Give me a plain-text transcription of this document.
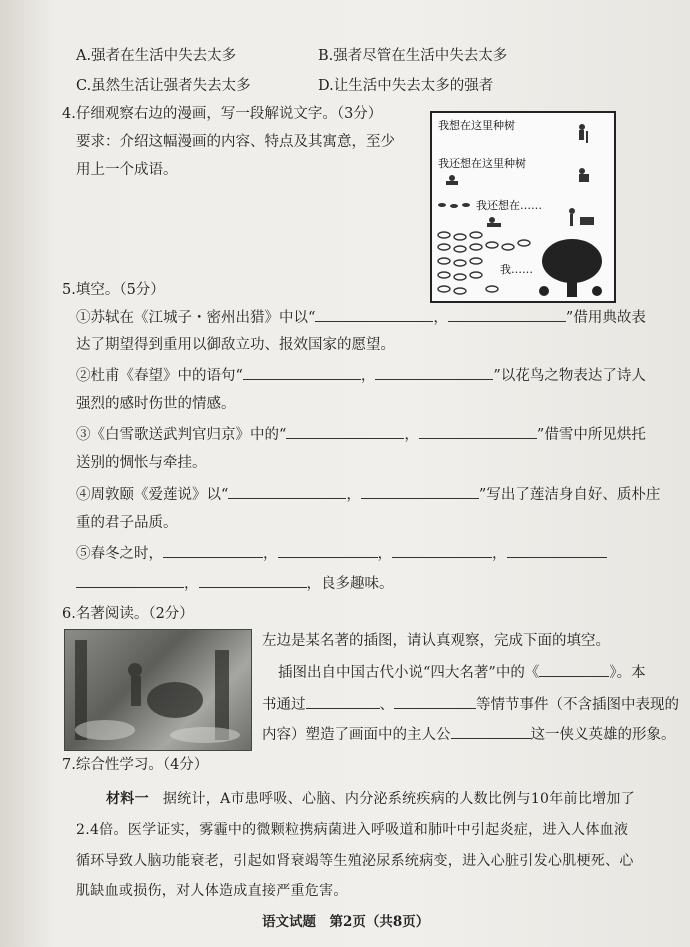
A.强者在生活中失去太多	B.强者尽管在生活中失去太多
C.虽然生活让强者失去太多	D.让生活中失去太多的强者
4.仔细观察右边的漫画，写一段解说文字。（3分）
要求：介绍这幅漫画的内容、特点及其寓意，至少
用上一个成语。
我想在这里种树
我还想在这里种树
我还想在……
我……
5.填空。（5分）
①苏轼在《江城子・密州出猎》中以“	，	”借用典故表
达了期望得到重用以御敌立功、报效国家的愿望。
②杜甫《春望》中的语句“	，	”以花鸟之物表达了诗人
强烈的感时伤世的情感。
③《白雪歌送武判官归京》中的“	，	”借雪中所见烘托
送别的惆怅与牵挂。
④周敦颐《爱莲说》以“	，	”写出了莲洁身自好、质朴庄
重的君子品质。
⑤春冬之时，	，	，	，
，	，良多趣味。
6.名著阅读。（2分）
左边是某名著的插图，请认真观察，完成下面的填空。
插图出自中国古代小说“四大名著”中的《	》。本
书通过	、	等情节事件（不含插图中表现的
内容）塑造了画面中的主人公	这一侠义英雄的形象。
7.综合性学习。（4分）
材料一 据统计，A市患呼吸、心脑、内分泌系统疾病的人数比例与10年前比增加了
2.4倍。医学证实，雾霾中的微颗粒携病菌进入呼吸道和肺叶中引起炎症，进入人体血液
循环导致人脑功能衰老，引起如肾衰竭等生殖泌尿系统病变，进入心脏引发心肌梗死、心
肌缺血或损伤，对人体造成直接严重危害。
语文试题　第2页（共8页）
